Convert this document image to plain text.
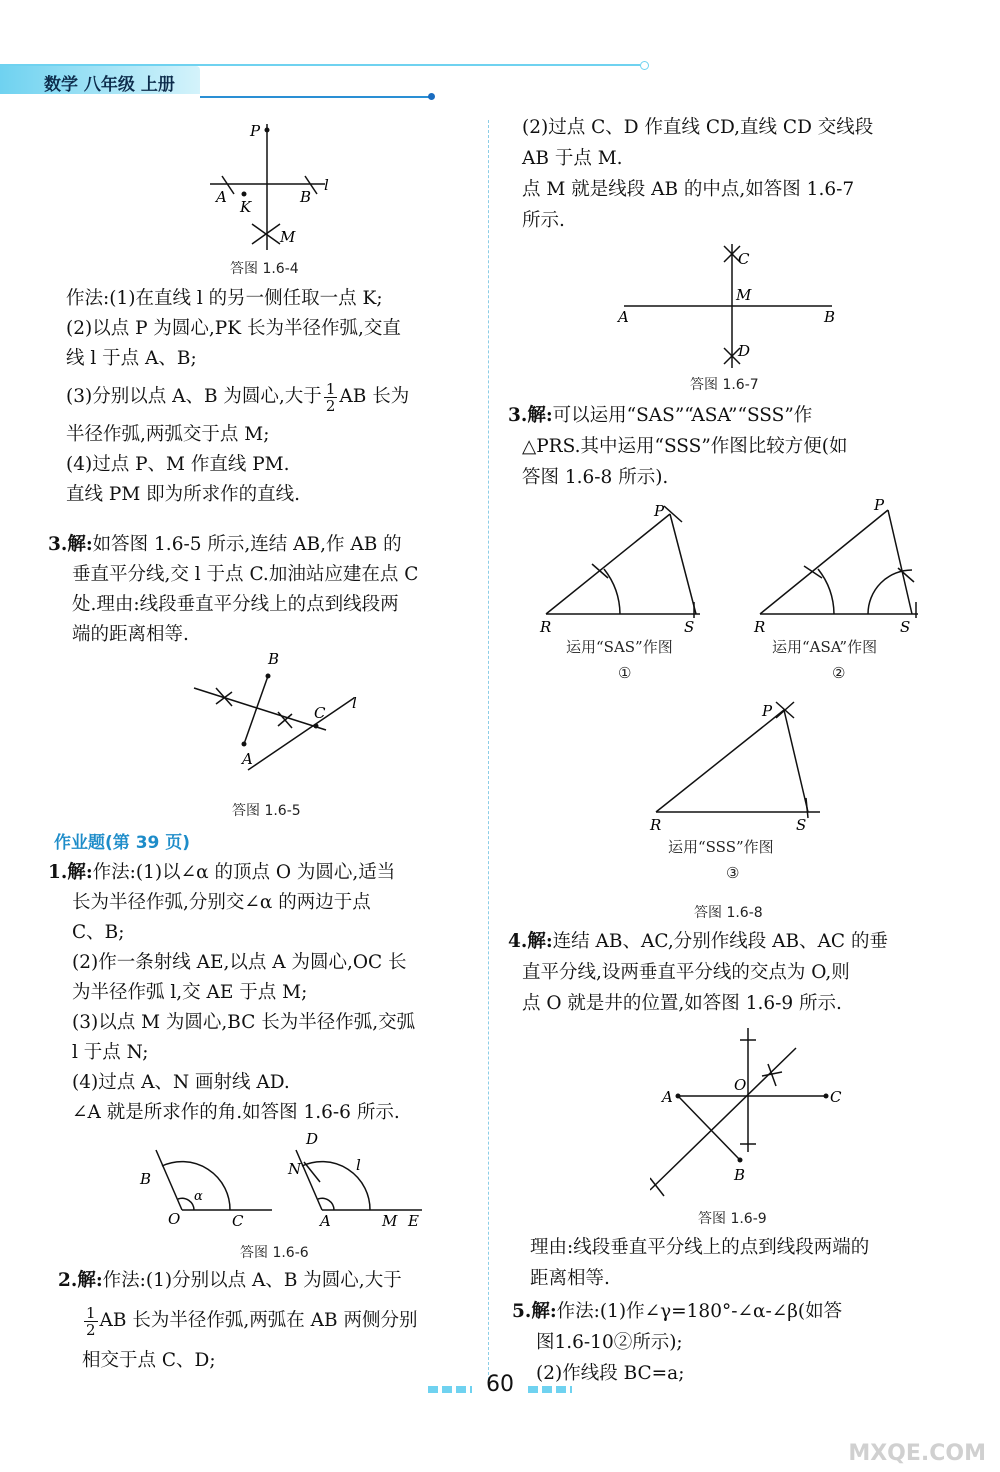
数学 八年级 上册
P
A
K
B
l
M
答图 1.6-4

作法:(1)在直线 l 的另一侧任取一点 K;

(2)以点 P 为圆心,PK 长为半径作弧,交直

线 l 于点 A、B;

(3)分别以点 A、B 为圆心,大于 $\frac{1}{2}$ AB 长为

半径作弧,两弧交于点 M;

(4)过点 P、M 作直线 PM.

直线 PM 即为所求作的直线.

3.解:如答图 1.6-5 所示,连结 AB,作 AB 的

垂直平分线,交 l 于点 C.加油站应建在点 C

处.理由:线段垂直平分线上的点到线段两

端的距离相等.

B
C
l
A
答图 1.6-5
作业题(第 39 页)

1.解:作法:(1)以∠α 的顶点 O 为圆心,适当

长为半径作弧,分别交∠α 的两边于点

C、B;

(2)作一条射线 AE,以点 A 为圆心,OC 长

为半径作弧 l,交 AE 于点 M;

(3)以点 M 为圆心,BC 长为半径作弧,交弧

l 于点 N;

(4)过点 A、N 画射线 AD.

∠A 就是所求作的角.如答图 1.6-6 所示.

B
α
O	C
D
N	l
A	M E
答图 1.6-6

2.解:作法:(1)分别以点 A、B 为圆心,大于

$\frac{1}{2}$ AB 长为半径作弧,两弧在 AB 两侧分别

相交于点 C、D;

(2)过点 C、D 作直线 CD,直线 CD 交线段

AB 于点 M.

点 M 就是线段 AB 的中点,如答图 1.6-7

所示.

C
M
A	B
D
答图 1.6-7

3.解:可以运用“SAS”“ASA”“SSS”作

△PRS.其中运用“SSS”作图比较方便(如

答图 1.6-8 所示).

P
R	S
运用“SAS”作图
①
P
R	S
运用“ASA”作图
②
P
R	S
运用“SSS”作图
③
答图 1.6-8

4.解:连结 AB、AC,分别作线段 AB、AC 的垂

直平分线,设两垂直平分线的交点为 O,则

点 O 就是井的位置,如答图 1.6-9 所示.

O
A	C
B
答图 1.6-9

理由:线段垂直平分线上的点到线段两端的

距离相等.

5.解:作法:(1)作∠γ=180°-∠α-∠β(如答

图1.6-10②所示);

(2)作线段 BC=a;

60
MXQE.COM
